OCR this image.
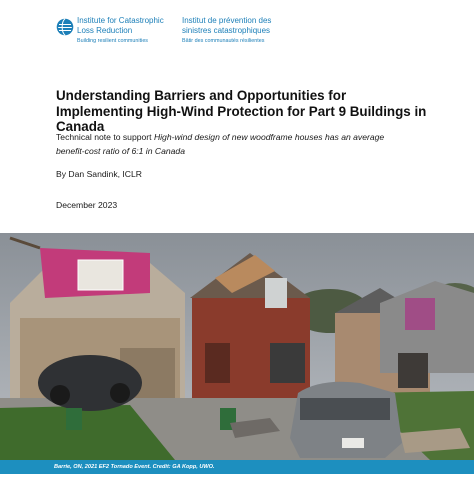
Institute for Catastrophic Loss Reduction
Institut de prévention des sinistres catastrophiques
Building resilient communities	Bâtir des communautés résilientes
Understanding Barriers and Opportunities for Implementing High-Wind Protection for Part 9 Buildings in Canada
Technical note to support High-wind design of new woodframe houses has an average benefit-cost ratio of 6:1 in Canada
By Dan Sandink, ICLR
December 2023
Barrie, ON, 2021 EF2 Tornado Event. Credit: GA Kopp, UWO.
